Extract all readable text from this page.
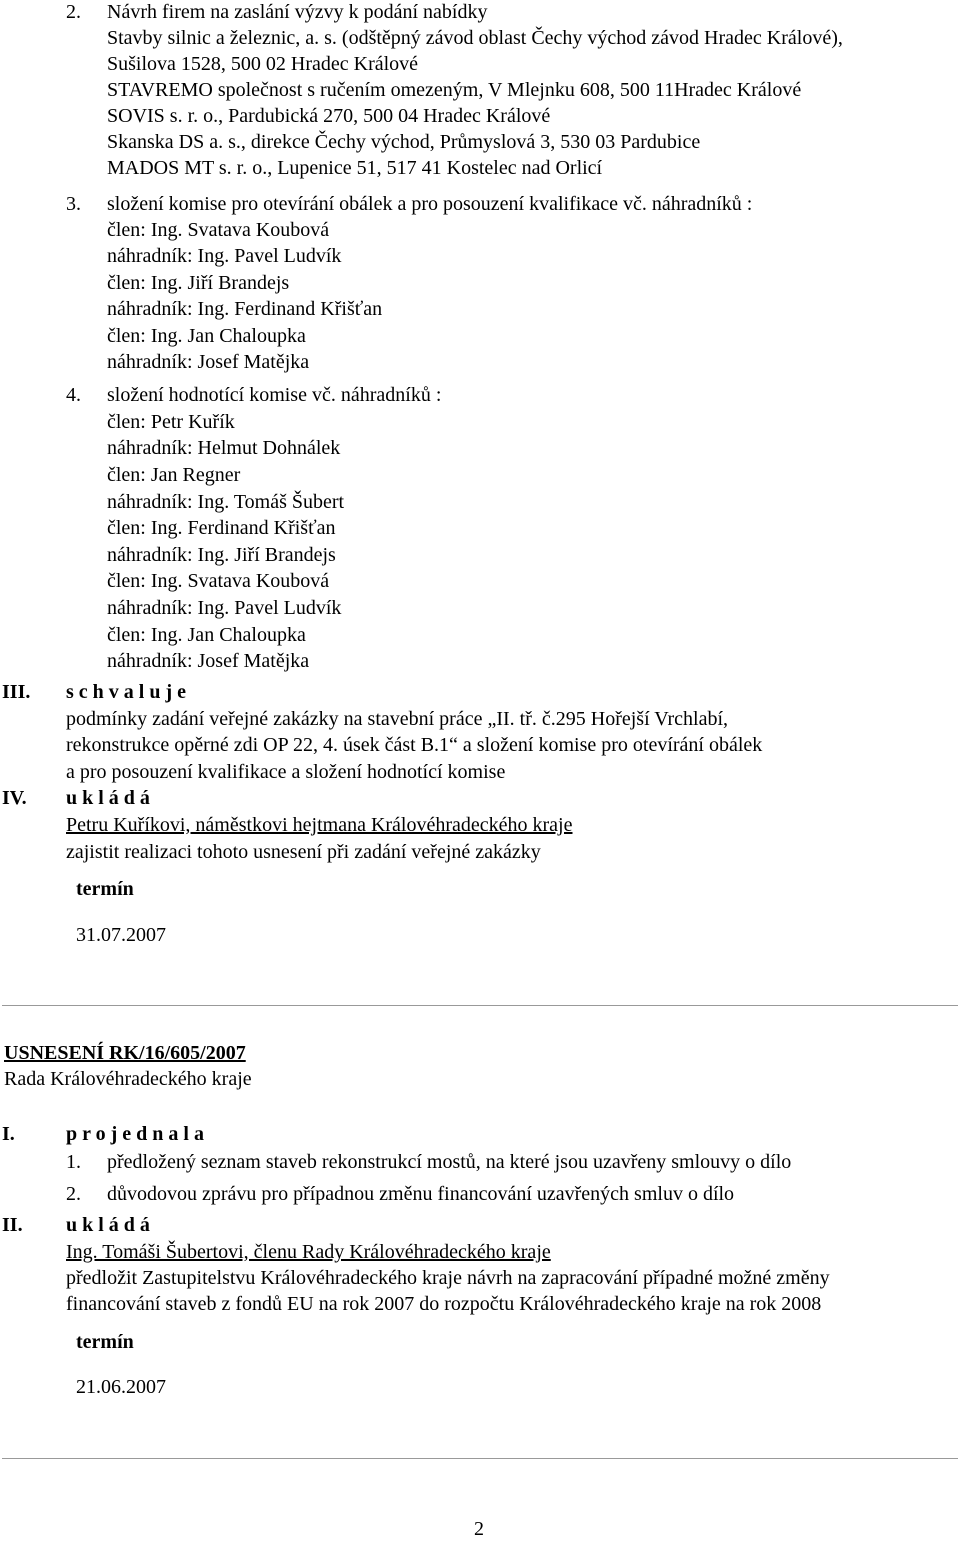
2. Návrh firem na zaslání výzvy k podání nabídky
Stavby silnic a železnic, a. s. (odštěpný závod oblast Čechy východ závod Hradec Králové),
Sušilova 1528, 500 02 Hradec Králové
STAVREMO společnost s ručením omezeným, V Mlejnku 608, 500 11Hradec Králové
SOVIS s. r. o., Pardubická 270, 500 04 Hradec Králové
Skanska DS a. s., direkce Čechy východ, Průmyslová 3, 530 03 Pardubice
MADOS MT s. r. o., Lupenice 51, 517 41 Kostelec nad Orlicí
3. složení komise pro otevírání obálek a pro posouzení kvalifikace vč. náhradníků :
člen: Ing. Svatava Koubová
náhradník: Ing. Pavel Ludvík
člen: Ing. Jiří Brandejs
náhradník: Ing. Ferdinand Křišťan
člen: Ing. Jan Chaloupka
náhradník: Josef Matějka
4. složení hodnotící komise vč. náhradníků :
člen: Petr Kuřík
náhradník: Helmut Dohnálek
člen: Jan Regner
náhradník: Ing. Tomáš Šubert
člen: Ing. Ferdinand Křišťan
náhradník: Ing. Jiří Brandejs
člen: Ing. Svatava Koubová
náhradník: Ing. Pavel Ludvík
člen: Ing. Jan Chaloupka
náhradník: Josef Matějka
III. s c h v a l u j e
podmínky zadání veřejné zakázky na stavební práce „II. tř. č.295 Hořejší Vrchlabí,
rekonstrukce opěrné zdi OP 22, 4. úsek část B.1“ a složení komise pro otevírání obálek
a pro posouzení kvalifikace a složení hodnotící komise
IV. u k l á d á
Petru Kuříkovi, náměstkovi hejtmana Královéhradeckého kraje
zajistit realizaci tohoto usnesení při zadání veřejné zakázky
termín
31.07.2007
USNESENÍ RK/16/605/2007
Rada Královéhradeckého kraje
I.	p r o j e d n a l a
1. předložený seznam staveb rekonstrukcí mostů, na které jsou uzavřeny smlouvy o dílo
2. důvodovou zprávu pro případnou změnu financování uzavřených smluv o dílo
II. u k l á d á
Ing. Tomáši Šubertovi, členu Rady Královéhradeckého kraje
předložit Zastupitelstvu Královéhradeckého kraje návrh na zapracování případné možné změny
financování staveb z fondů EU na rok 2007 do rozpočtu Královéhradeckého kraje na rok 2008
termín
21.06.2007
2
